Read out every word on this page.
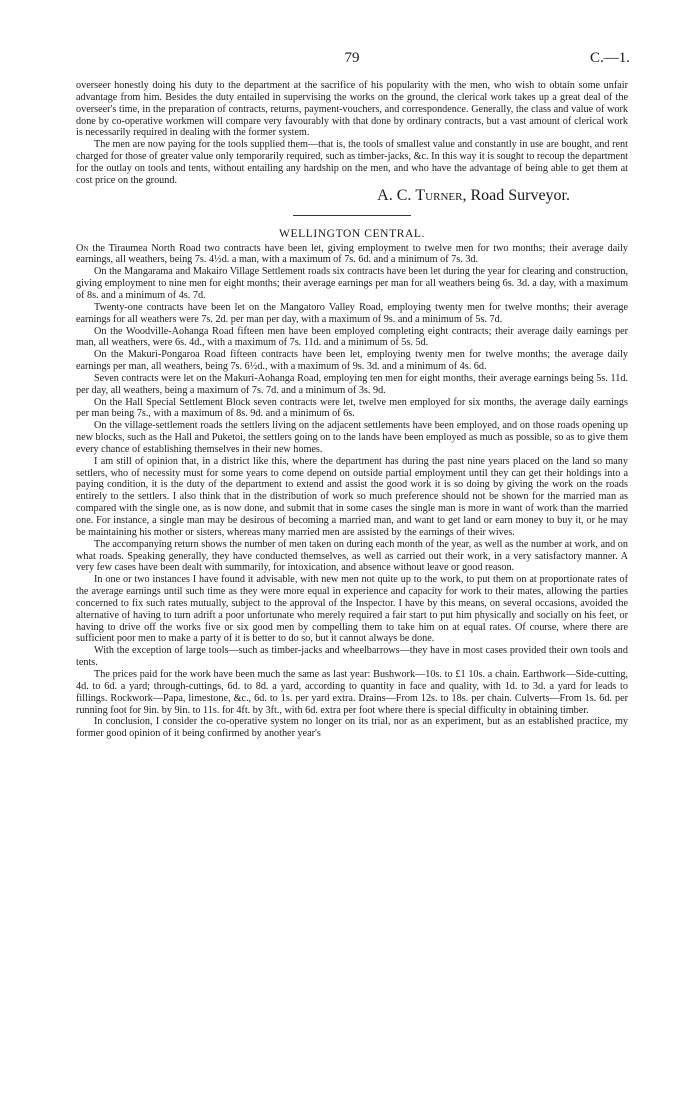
79	C.—1.

overseer honestly doing his duty to the department at the sacrifice of his popularity with the men, who wish to obtain some unfair advantage from him. Besides the duty entailed in supervising the works on the ground, the clerical work takes up a great deal of the overseer's time, in the preparation of contracts, returns, payment-vouchers, and correspondence. Generally, the class and value of work done by co-operative workmen will compare very favourably with that done by ordinary contracts, but a vast amount of clerical work is necessarily required in dealing with the former system.

The men are now paying for the tools supplied them—that is, the tools of smallest value and constantly in use are bought, and rent charged for those of greater value only temporarily required, such as timber-jacks, &c. In this way it is sought to recoup the department for the outlay on tools and tents, without entailing any hardship on the men, and who have the advantage of being able to get them at cost price on the ground.

A. C. Turner, Road Surveyor.
WELLINGTON CENTRAL.

On the Tiraumea North Road two contracts have been let, giving employment to twelve men for two months; their average daily earnings, all weathers, being 7s. 4½d. a man, with a maximum of 7s. 6d. and a minimum of 7s. 3d.

On the Mangarama and Makairo Village Settlement roads six contracts have been let during the year for clearing and construction, giving employment to nine men for eight months; their average earnings per man for all weathers being 6s. 3d. a day, with a maximum of 8s. and a minimum of 4s. 7d.

Twenty-one contracts have been let on the Mangatoro Valley Road, employing twenty men for twelve months; their average earnings for all weathers were 7s. 2d. per man per day, with a maximum of 9s. and a minimum of 5s. 7d.

On the Woodville-Aohanga Road fifteen men have been employed completing eight contracts; their average daily earnings per man, all weathers, were 6s. 4d., with a maximum of 7s. 11d. and a minimum of 5s. 5d.

On the Makuri-Pongaroa Road fifteen contracts have been let, employing twenty men for twelve months; the average daily earnings per man, all weathers, being 7s. 6½d., with a maximum of 9s. 3d. and a minimum of 4s. 6d.

Seven contracts were let on the Makuri-Aohanga Road, employing ten men for eight months, their average earnings being 5s. 11d. per day, all weathers, being a maximum of 7s. 7d. and a minimum of 3s. 9d.

On the Hall Special Settlement Block seven contracts were let, twelve men employed for six months, the average daily earnings per man being 7s., with a maximum of 8s. 9d. and a minimum of 6s.

On the village-settlement roads the settlers living on the adjacent settlements have been employed, and on those roads opening up new blocks, such as the Hall and Puketoi, the settlers going on to the lands have been employed as much as possible, so as to give them every chance of establishing themselves in their new homes.

I am still of opinion that, in a district like this, where the department has during the past nine years placed on the land so many settlers, who of necessity must for some years to come depend on outside partial employment until they can get their holdings into a paying condition, it is the duty of the department to extend and assist the good work it is so doing by giving the work on the roads entirely to the settlers. I also think that in the distribution of work so much preference should not be shown for the married man as compared with the single one, as is now done, and submit that in some cases the single man is more in want of work than the married one. For instance, a single man may be desirous of becoming a married man, and want to get land or earn money to buy it, or he may be maintaining his mother or sisters, whereas many married men are assisted by the earnings of their wives.

The accompanying return shows the number of men taken on during each month of the year, as well as the number at work, and on what roads. Speaking generally, they have conducted themselves, as well as carried out their work, in a very satisfactory manner. A very few cases have been dealt with summarily, for intoxication, and absence without leave or good reason.

In one or two instances I have found it advisable, with new men not quite up to the work, to put them on at proportionate rates of the average earnings until such time as they were more equal in experience and capacity for work to their mates, allowing the parties concerned to fix such rates mutually, subject to the approval of the Inspector. I have by this means, on several occasions, avoided the alternative of having to turn adrift a poor unfortunate who merely required a fair start to put him physically and socially on his feet, or having to drive off the works five or six good men by compelling them to take him on at equal rates. Of course, where there are sufficient poor men to make a party of it is better to do so, but it cannot always be done.

With the exception of large tools—such as timber-jacks and wheelbarrows—they have in most cases provided their own tools and tents.

The prices paid for the work have been much the same as last year: Bushwork—10s. to £1 10s. a chain. Earthwork—Side-cutting, 4d. to 6d. a yard; through-cuttings, 6d. to 8d. a yard, according to quantity in face and quality, with 1d. to 3d. a yard for leads to fillings. Rockwork—Papa, limestone, &c., 6d. to 1s. per yard extra. Drains—From 12s. to 18s. per chain. Culverts—From 1s. 6d. per running foot for 9in. by 9in. to 11s. for 4ft. by 3ft., with 6d. extra per foot where there is special difficulty in obtaining timber.

In conclusion, I consider the co-operative system no longer on its trial, nor as an experiment, but as an established practice, my former good opinion of it being confirmed by another year's
